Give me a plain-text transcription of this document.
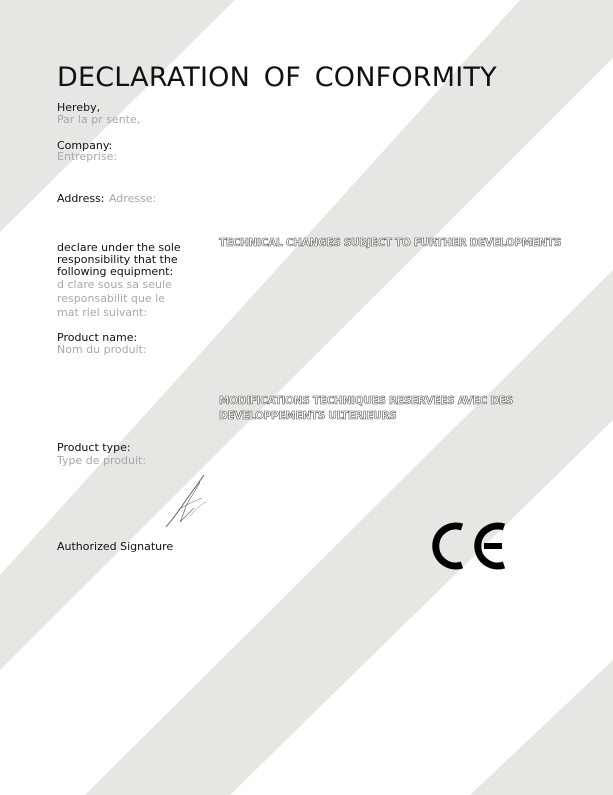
DECLARATION OF CONFORMITY
Hereby,
Par la pr sente,
Company:
Entreprise:
Address: Adresse:
declare under the sole
responsibility that the
following equipment:
d clare sous sa seule
responsabilit que le
mat riel suivant:
Product name:
Nom du produit:
Product type:
Type de produit:
TECHNICAL CHANGES SUBJECT TO FURTHER DEVELOPMENTS
MODIFICATIONS TECHNIQUES RESERVEES AVEC DES
DEVELOPPEMENTS ULTERIEURS
Authorized Signature
